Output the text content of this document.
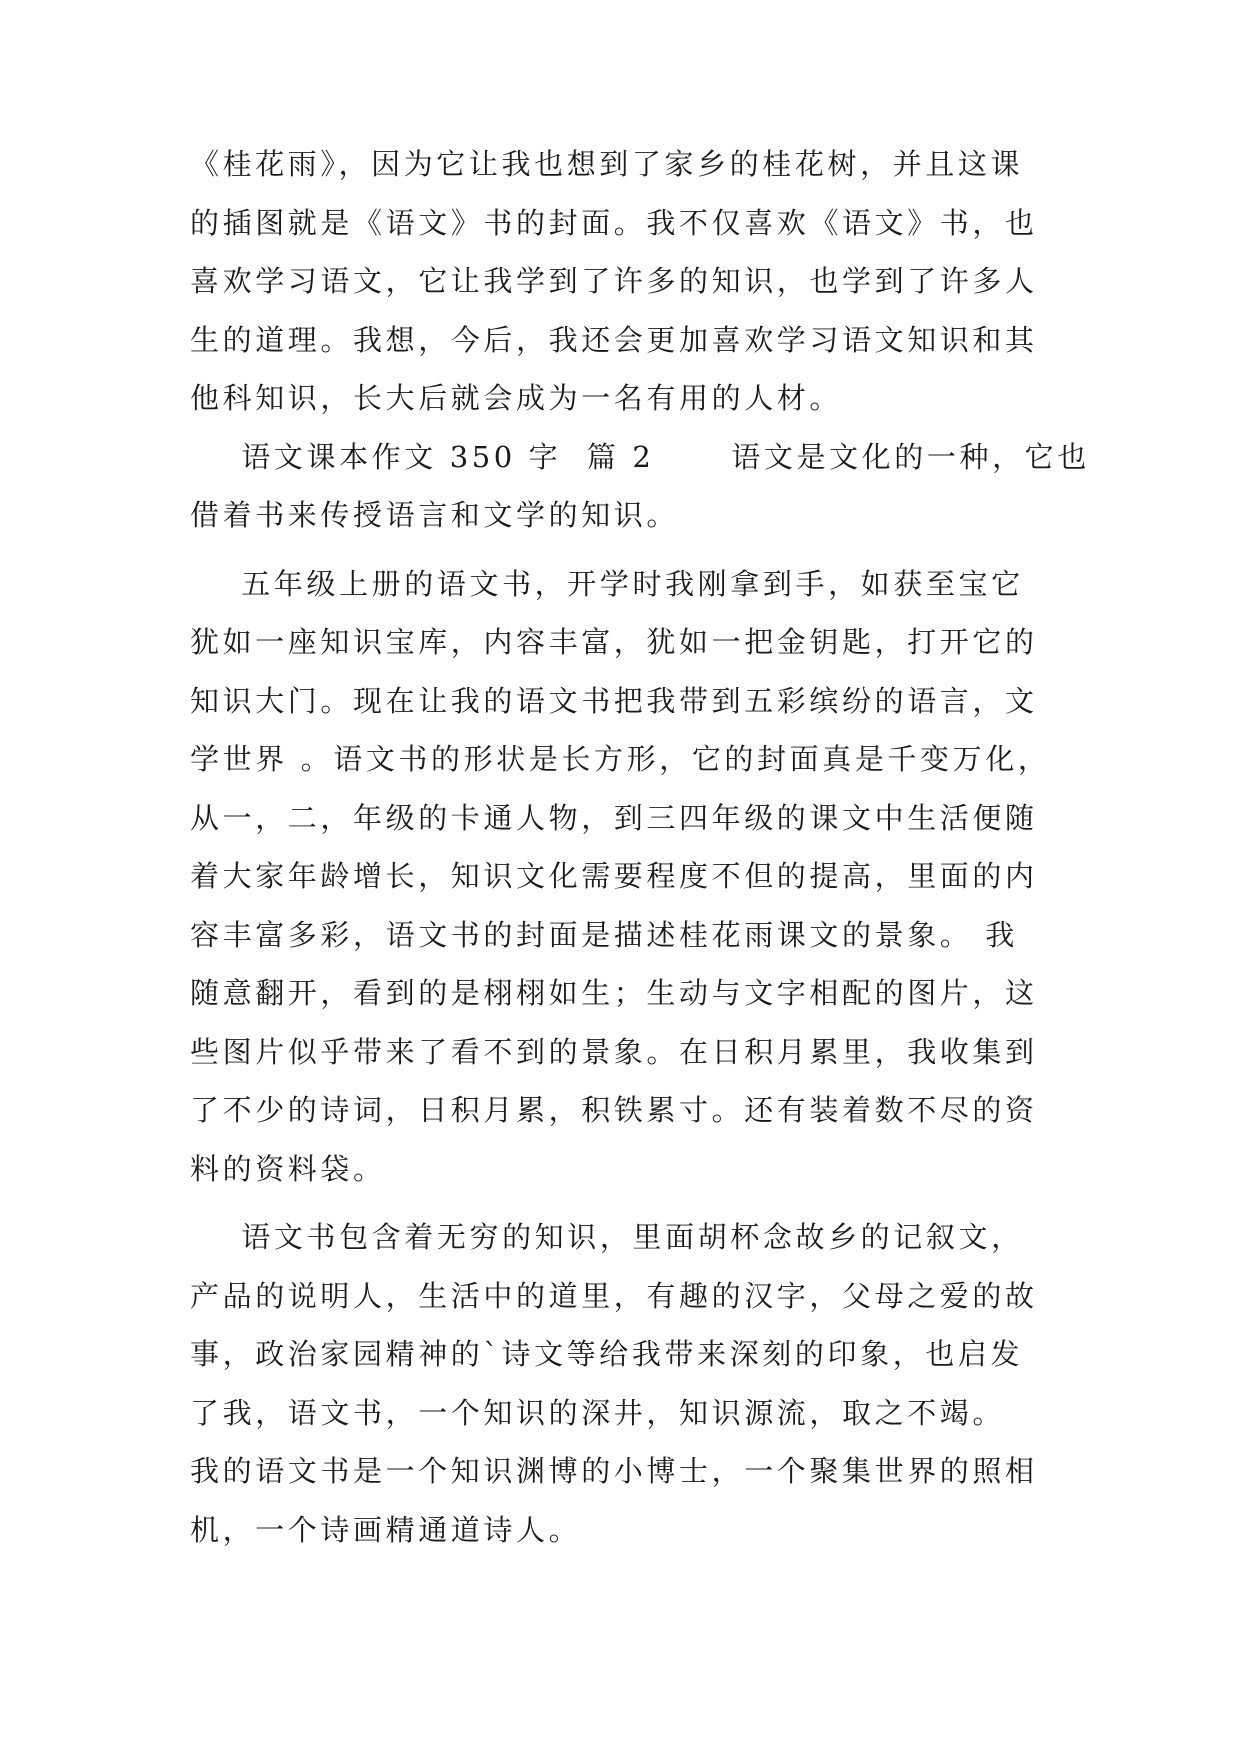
《桂花雨》，因为它让我也想到了家乡的桂花树，并且这课
的插图就是《语文》书的封面。我不仅喜欢《语文》书，也
喜欢学习语文，它让我学到了许多的知识，也学到了许多人
生的道理。我想，今后，我还会更加喜欢学习语文知识和其
他科知识，长大后就会成为一名有用的人材。
语文课本作文 350 字  篇 2      语文是文化的一种，它也
借着书来传授语言和文学的知识。
五年级上册的语文书，开学时我刚拿到手，如获至宝它
犹如一座知识宝库，内容丰富，犹如一把金钥匙，打开它的
知识大门。现在让我的语文书把我带到五彩缤纷的语言，文
学世界 。语文书的形状是长方形，它的封面真是千变万化，
从一，二，年级的卡通人物，到三四年级的课文中生活便随
着大家年龄增长，知识文化需要程度不但的提高，里面的内
容丰富多彩，语文书的封面是描述桂花雨课文的景象。 我
随意翻开，看到的是栩栩如生；生动与文字相配的图片，这
些图片似乎带来了看不到的景象。在日积月累里，我收集到
了不少的诗词，日积月累，积铁累寸。还有装着数不尽的资
料的资料袋。
语文书包含着无穷的知识，里面胡杯念故乡的记叙文，
产品的说明人，生活中的道里，有趣的汉字，父母之爱的故
事，政治家园精神的`诗文等给我带来深刻的印象，也启发
了我，语文书，一个知识的深井，知识源流，取之不竭。
我的语文书是一个知识渊博的小博士，一个聚集世界的照相
机，一个诗画精通道诗人。
